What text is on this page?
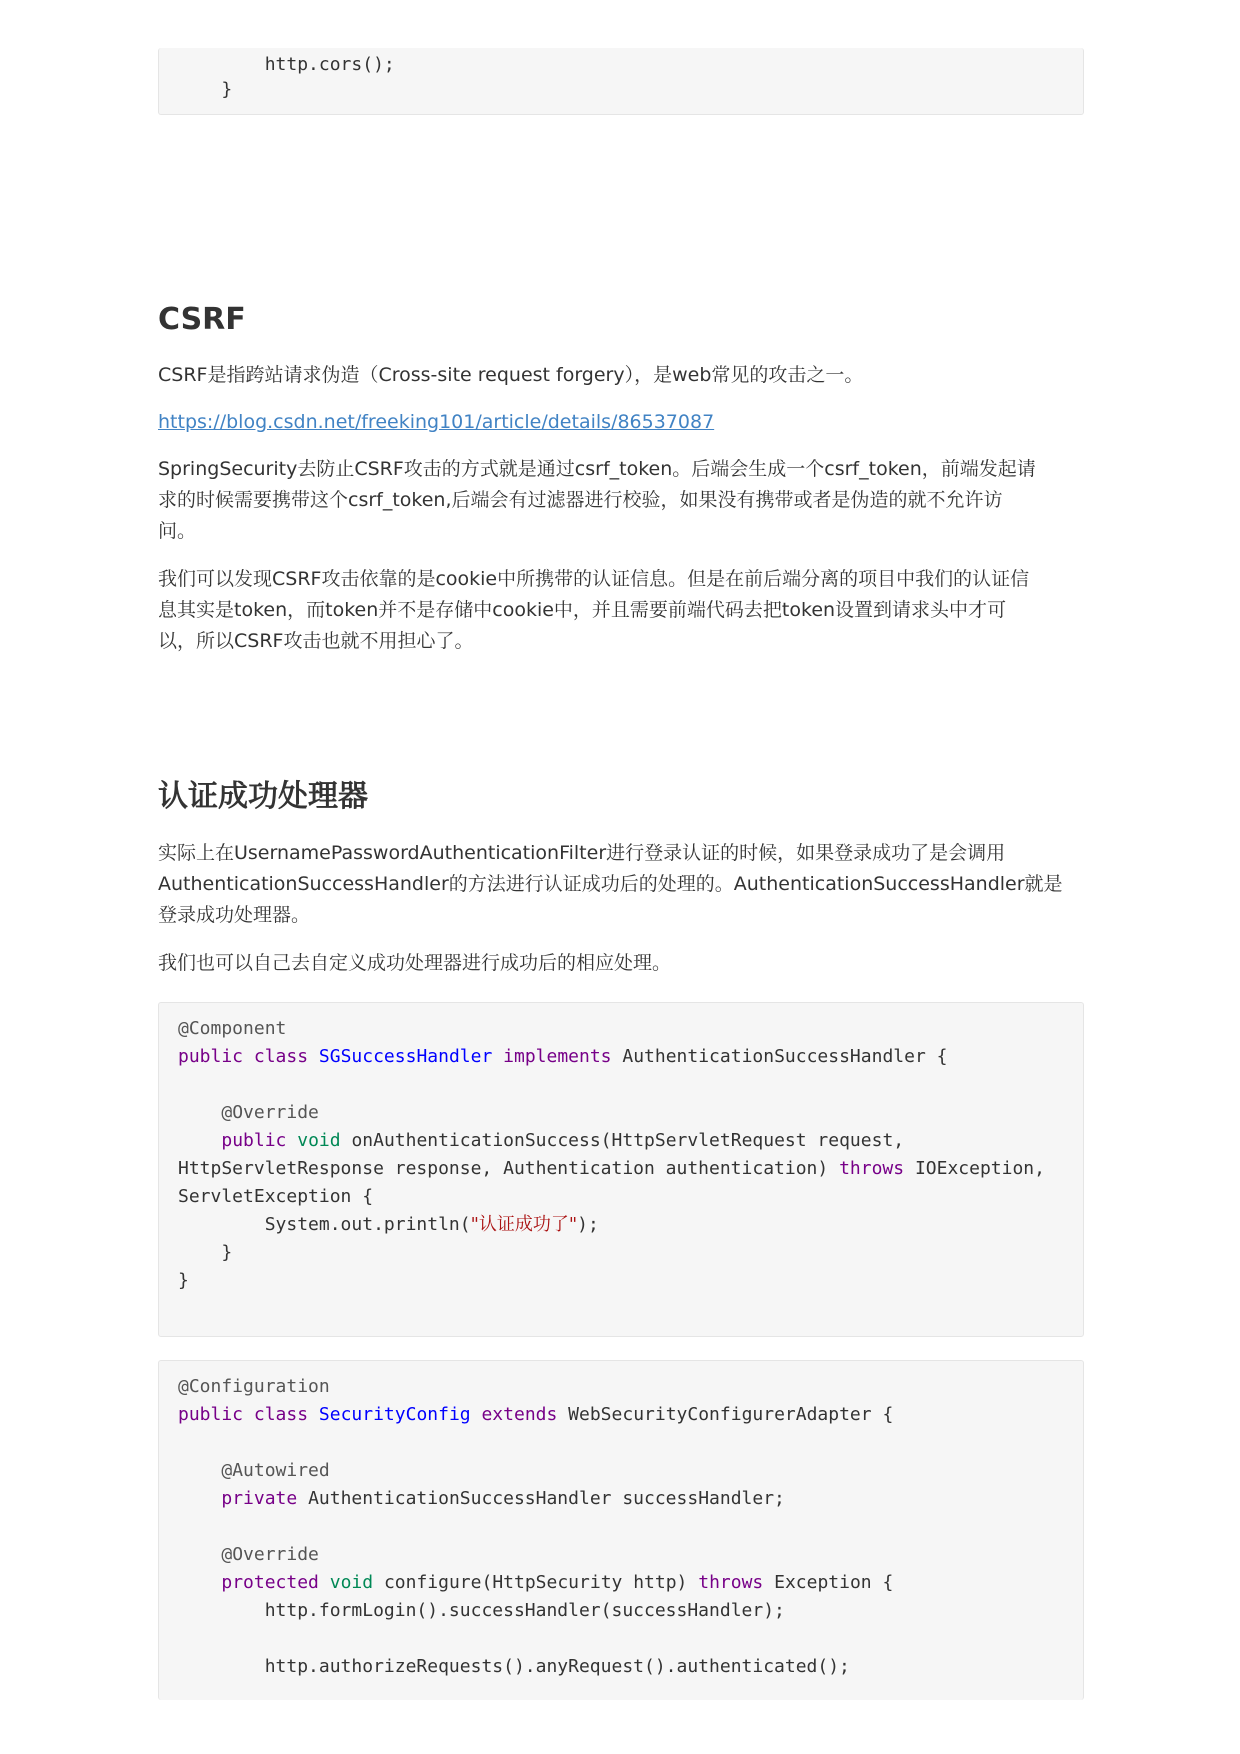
http.cors();
}
CSRF

CSRF是指跨站请求伪造（Cross-site request forgery），是web常见的攻击之一。

https://blog.csdn.net/freeking101/article/details/86537087

SpringSecurity去防止CSRF攻击的方式就是通过csrf_token。后端会生成一个csrf_token，前端发起请
求的时候需要携带这个csrf_token,后端会有过滤器进行校验，如果没有携带或者是伪造的就不允许访
问。

我们可以发现CSRF攻击依靠的是cookie中所携带的认证信息。但是在前后端分离的项目中我们的认证信
息其实是token，而token并不是存储中cookie中，并且需要前端代码去把token设置到请求头中才可
以，所以CSRF攻击也就不用担心了。

认证成功处理器

实际上在UsernamePasswordAuthenticationFilter进行登录认证的时候，如果登录成功了是会调用
AuthenticationSuccessHandler的方法进行认证成功后的处理的。AuthenticationSuccessHandler就是
登录成功处理器。

我们也可以自己去自定义成功处理器进行成功后的相应处理。

@Component
public class SGSuccessHandler implements AuthenticationSuccessHandler {
@Override
public void onAuthenticationSuccess(HttpServletRequest request,
HttpServletResponse response, Authentication authentication) throws IOException,
ServletException {
System.out.println("认证成功了");
}
}
@Configuration
public class SecurityConfig extends WebSecurityConfigurerAdapter {
@Autowired
private AuthenticationSuccessHandler successHandler;
@Override
protected void configure(HttpSecurity http) throws Exception {
http.formLogin().successHandler(successHandler);
http.authorizeRequests().anyRequest().authenticated();
